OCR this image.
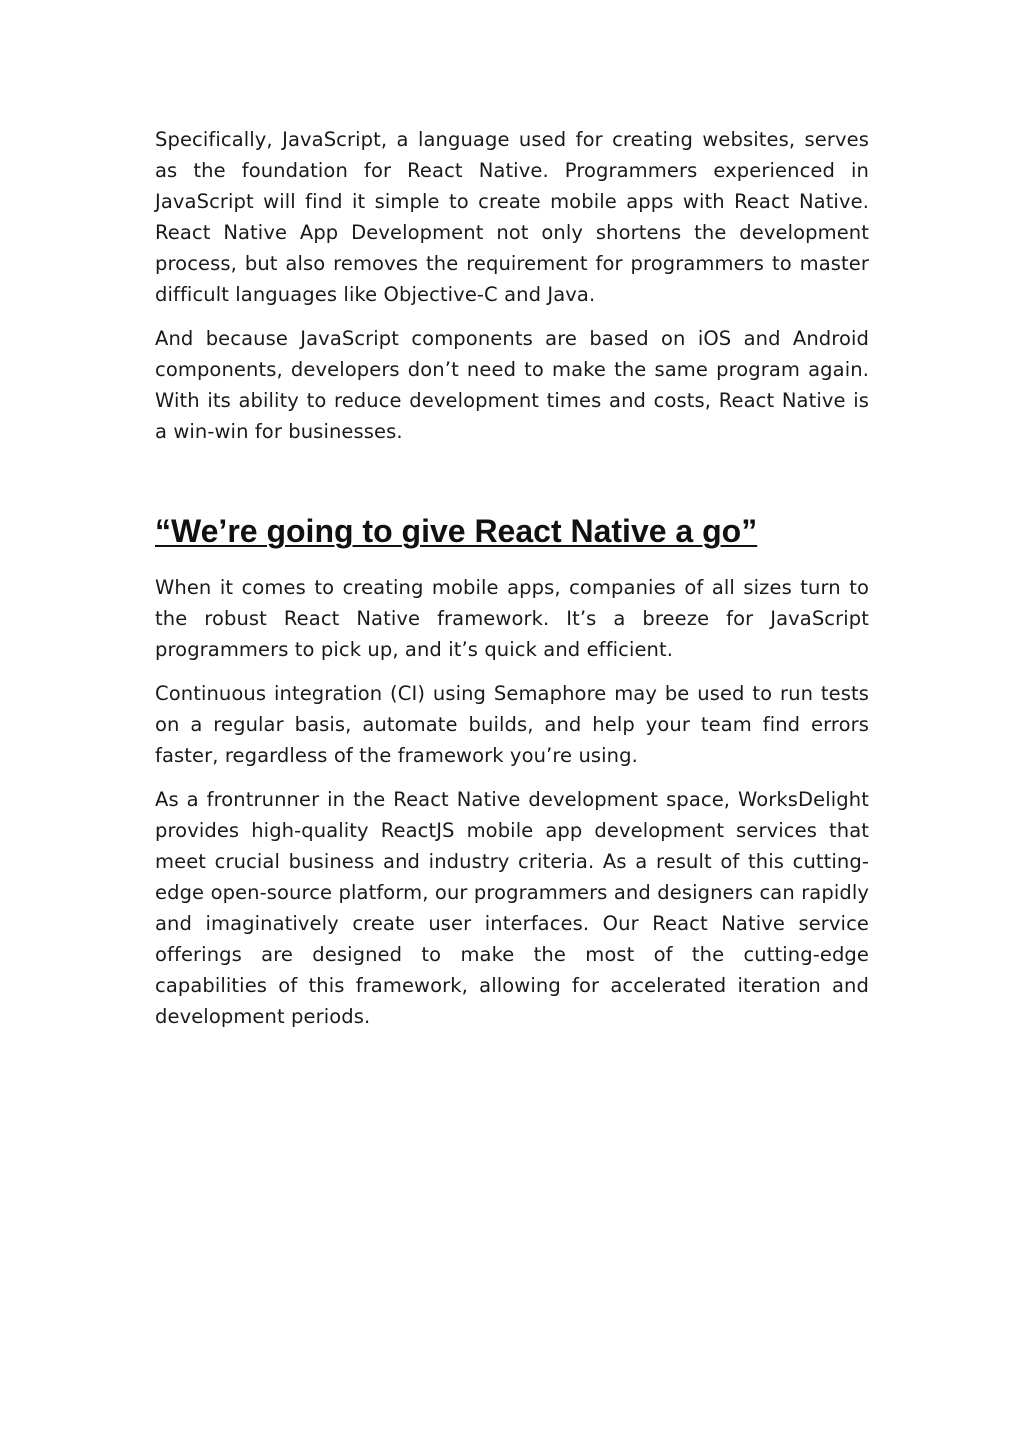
Specifically, JavaScript, a language used for creating websites, serves as the foundation for React Native. Programmers experienced in JavaScript will find it simple to create mobile apps with React Native. React Native App Development not only shortens the development process, but also removes the requirement for programmers to master difficult languages like Objective-C and Java.

And because JavaScript components are based on iOS and Android components, developers don’t need to make the same program again. With its ability to reduce development times and costs, React Native is a win-win for businesses.

“We’re going to give React Native a go”

When it comes to creating mobile apps, companies of all sizes turn to the robust React Native framework. It’s a breeze for JavaScript programmers to pick up, and it’s quick and efficient.

Continuous integration (CI) using Semaphore may be used to run tests on a regular basis, automate builds, and help your team find errors faster, regardless of the framework you’re using.

As a frontrunner in the React Native development space, WorksDelight provides high-quality ReactJS mobile app development services that meet crucial business and industry criteria. As a result of this cutting-edge open-source platform, our programmers and designers can rapidly and imaginatively create user interfaces. Our React Native service offerings are designed to make the most of the cutting-edge capabilities of this framework, allowing for accelerated iteration and development periods.
